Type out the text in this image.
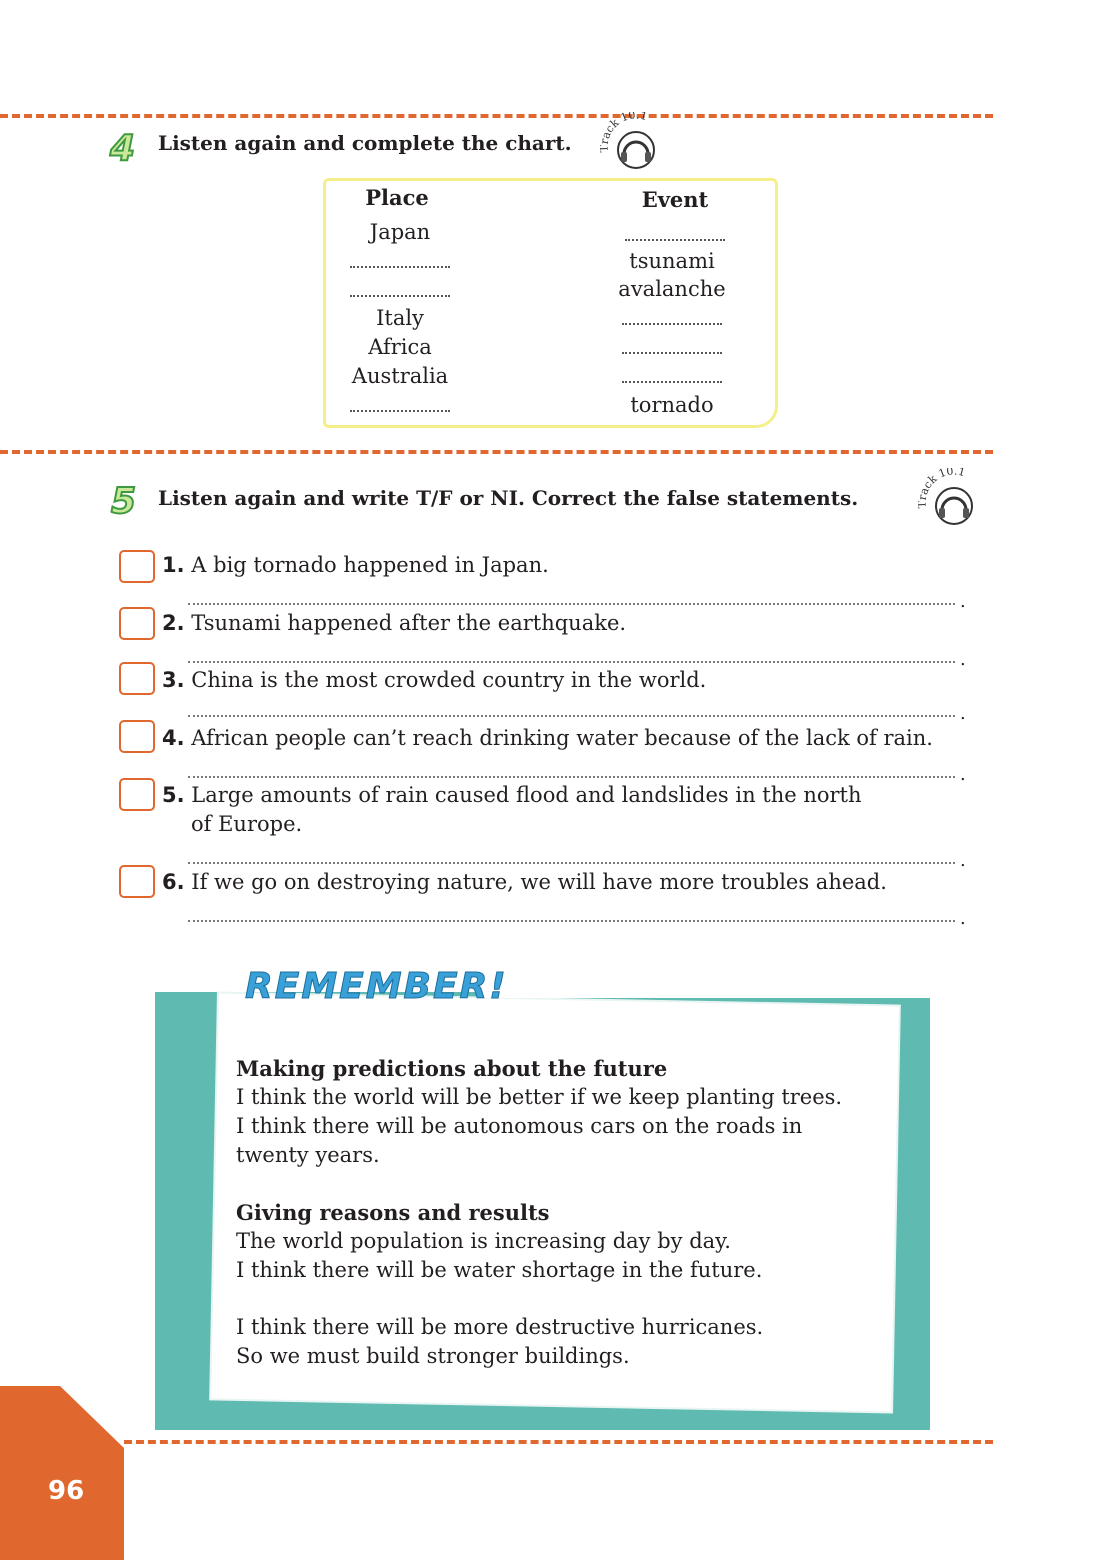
4 Listen again and complete the chart. ack 10.1
Place	Event
Japan
Italy
Africa
Australia
tsunami
avalanche
tornado
5 Listen again and write T/F or NI. Correct the false statements.	ack 10.1
1. A big tornado happened in Japan.
.
2. Tsunami happened after the earthquake.
.
3. China is the most crowded country in the world.
.
4. African people can’t reach drinking water because of the lack of rain.
.
5. Large amounts of rain caused flood and landslides in the north
of Europe.
.
6. If we go on destroying nature, we will have more troubles ahead.
.
REMEMBER!
Making predictions about the future
I think the world will be better if we keep planting trees.
I think there will be autonomous cars on the roads in
twenty years.
Giving reasons and results
The world population is increasing day by day.
I think there will be water shortage in the future.
I think there will be more destructive hurricanes.
So we must build stronger buildings.
96
